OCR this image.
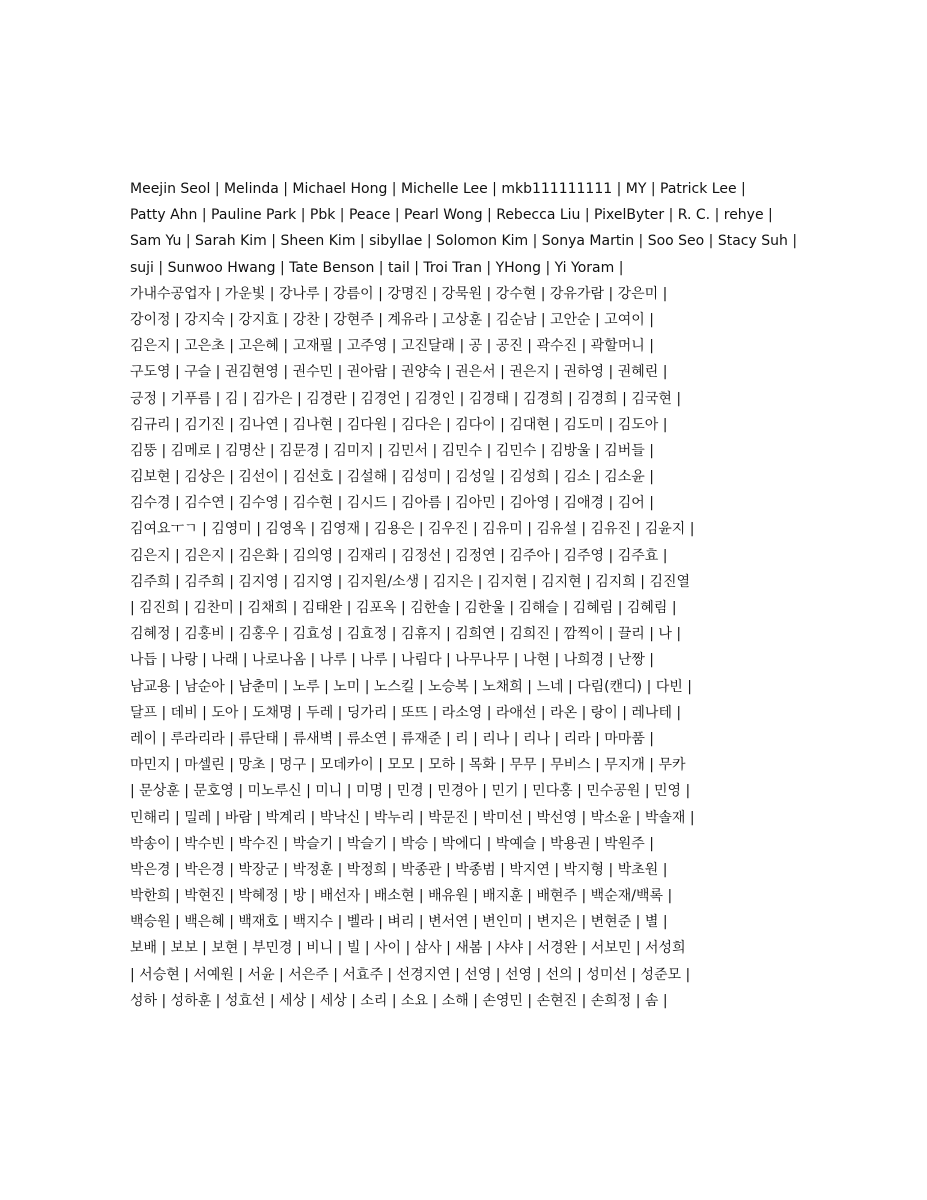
Meejin Seol | Melinda | Michael Hong | Michelle Lee | mkb111111111 | MY | Patrick Lee |
Patty Ahn | Pauline Park | Pbk | Peace | Pearl Wong | Rebecca Liu | PixelByter | R. C. | rehye |
Sam Yu | Sarah Kim | Sheen Kim | sibyllae | Solomon Kim | Sonya Martin | Soo Seo | Stacy Suh |
suji | Sunwoo Hwang | Tate Benson | tail | Troi Tran | YHong | Yi Yoram |
가내수공업자 | 가운빛 | 강나루 | 강름이 | 강명진 | 강묵원 | 강수현 | 강유가람 | 강은미 |
강이정 | 강지숙 | 강지효 | 강찬 | 강현주 | 계유라 | 고상훈 | 김순남 | 고안순 | 고여이 |
김은지 | 고은초 | 고은혜 | 고재필 | 고주영 | 고진달래 | 공 | 공진 | 곽수진 | 곽할머니 |
구도영 | 구슬 | 권김현영 | 권수민 | 권아람 | 권양숙 | 권은서 | 권은지 | 권하영 | 권혜린 |
긍정 | 기푸름 | 김 | 김가은 | 김경란 | 김경언 | 김경인 | 김경태 | 김경희 | 김경희 | 김국현 |
김규리 | 김기진 | 김나연 | 김나현 | 김다원 | 김다은 | 김다이 | 김대현 | 김도미 | 김도아 |
김뚱 | 김메로 | 김명산 | 김문경 | 김미지 | 김민서 | 김민수 | 김민수 | 김방울 | 김버들 |
김보현 | 김상은 | 김선이 | 김선호 | 김설해 | 김성미 | 김성일 | 김성희 | 김소 | 김소윤 |
김수경 | 김수연 | 김수영 | 김수현 | 김시드 | 김아름 | 김아민 | 김아영 | 김애경 | 김어 |
김여요ㅜㄱ | 김영미 | 김영옥 | 김영재 | 김용은 | 김우진 | 김유미 | 김유설 | 김유진 | 김윤지 |
김은지 | 김은지 | 김은화 | 김의영 | 김재리 | 김정선 | 김정연 | 김주아 | 김주영 | 김주효 |
김주희 | 김주희 | 김지영 | 김지영 | 김지원/소생 | 김지은 | 김지현 | 김지현 | 김지희 | 김진열
| 김진희 | 김찬미 | 김채희 | 김태완 | 김포옥 | 김한솔 | 김한울 | 김해슬 | 김혜림 | 김혜림 |
김혜정 | 김홍비 | 김홍우 | 김효성 | 김효정 | 김휴지 | 김희연 | 김희진 | 깜찍이 | 끌리 | 나 |
나듭 | 나랑 | 나래 | 나로나옴 | 나루 | 나루 | 나림다 | 나무나무 | 나현 | 나희경 | 난짱 |
남교용 | 남순아 | 남춘미 | 노루 | 노미 | 노스킬 | 노승복 | 노채희 | 느네 | 다림(캔디) | 다빈 |
달프 | 데비 | 도아 | 도채명 | 두레 | 딩가리 | 또뜨 | 라소영 | 라애선 | 라온 | 랑이 | 레나테 |
레이 | 루라리라 | 류단태 | 류새벽 | 류소연 | 류재준 | 리 | 리나 | 리나 | 리라 | 마마품 |
마민지 | 마셀린 | 망초 | 멍구 | 모데카이 | 모모 | 모하 | 목화 | 무무 | 무비스 | 무지개 | 무카
| 문상훈 | 문호영 | 미노루신 | 미니 | 미명 | 민경 | 민경아 | 민기 | 민다홍 | 민수공원 | 민영 |
민해리 | 밀레 | 바람 | 박계리 | 박낙신 | 박누리 | 박문진 | 박미선 | 박선영 | 박소윤 | 박솔재 |
박송이 | 박수빈 | 박수진 | 박슬기 | 박슬기 | 박승 | 박에디 | 박예슬 | 박용권 | 박원주 |
박은경 | 박은경 | 박장군 | 박정훈 | 박정희 | 박종관 | 박종범 | 박지연 | 박지형 | 박초원 |
박한희 | 박현진 | 박혜정 | 방 | 배선자 | 배소현 | 배유원 | 배지훈 | 배현주 | 백순재/백록 |
백승원 | 백은혜 | 백재호 | 백지수 | 벨라 | 벼리 | 변서연 | 변인미 | 변지은 | 변현준 | 별 |
보배 | 보보 | 보현 | 부민경 | 비니 | 빌 | 사이 | 삼사 | 새봄 | 샤샤 | 서경완 | 서보민 | 서성희
| 서승현 | 서예원 | 서윤 | 서은주 | 서효주 | 선경지연 | 선영 | 선영 | 선의 | 성미선 | 성준모 |
성하 | 성하훈 | 성효선 | 세상 | 세상 | 소리 | 소요 | 소해 | 손영민 | 손현진 | 손희정 | 솜 |
